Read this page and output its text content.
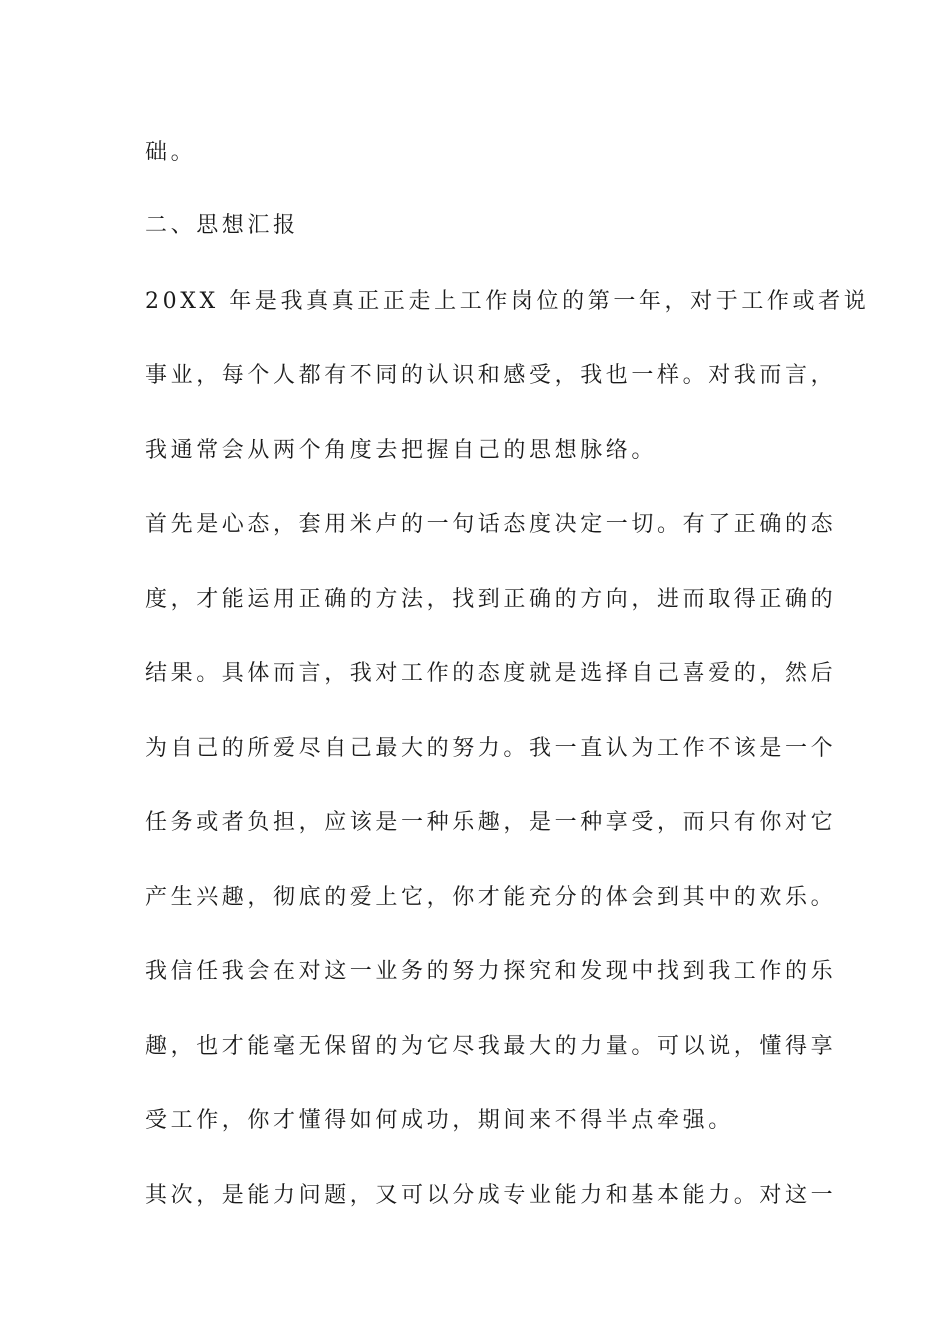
础。
二、思想汇报
20XX 年是我真真正正走上工作岗位的第一年，对于工作或者说
事业，每个人都有不同的认识和感受，我也一样。对我而言，
我通常会从两个角度去把握自己的思想脉络。
首先是心态，套用米卢的一句话态度决定一切。有了正确的态
度，才能运用正确的方法，找到正确的方向，进而取得正确的
结果。具体而言，我对工作的态度就是选择自己喜爱的，然后
为自己的所爱尽自己最大的努力。我一直认为工作不该是一个
任务或者负担，应该是一种乐趣，是一种享受，而只有你对它
产生兴趣，彻底的爱上它，你才能充分的体会到其中的欢乐。
我信任我会在对这一业务的努力探究和发现中找到我工作的乐
趣，也才能毫无保留的为它尽我最大的力量。可以说，懂得享
受工作，你才懂得如何成功，期间来不得半点牵强。
其次，是能力问题，又可以分成专业能力和基本能力。对这一
